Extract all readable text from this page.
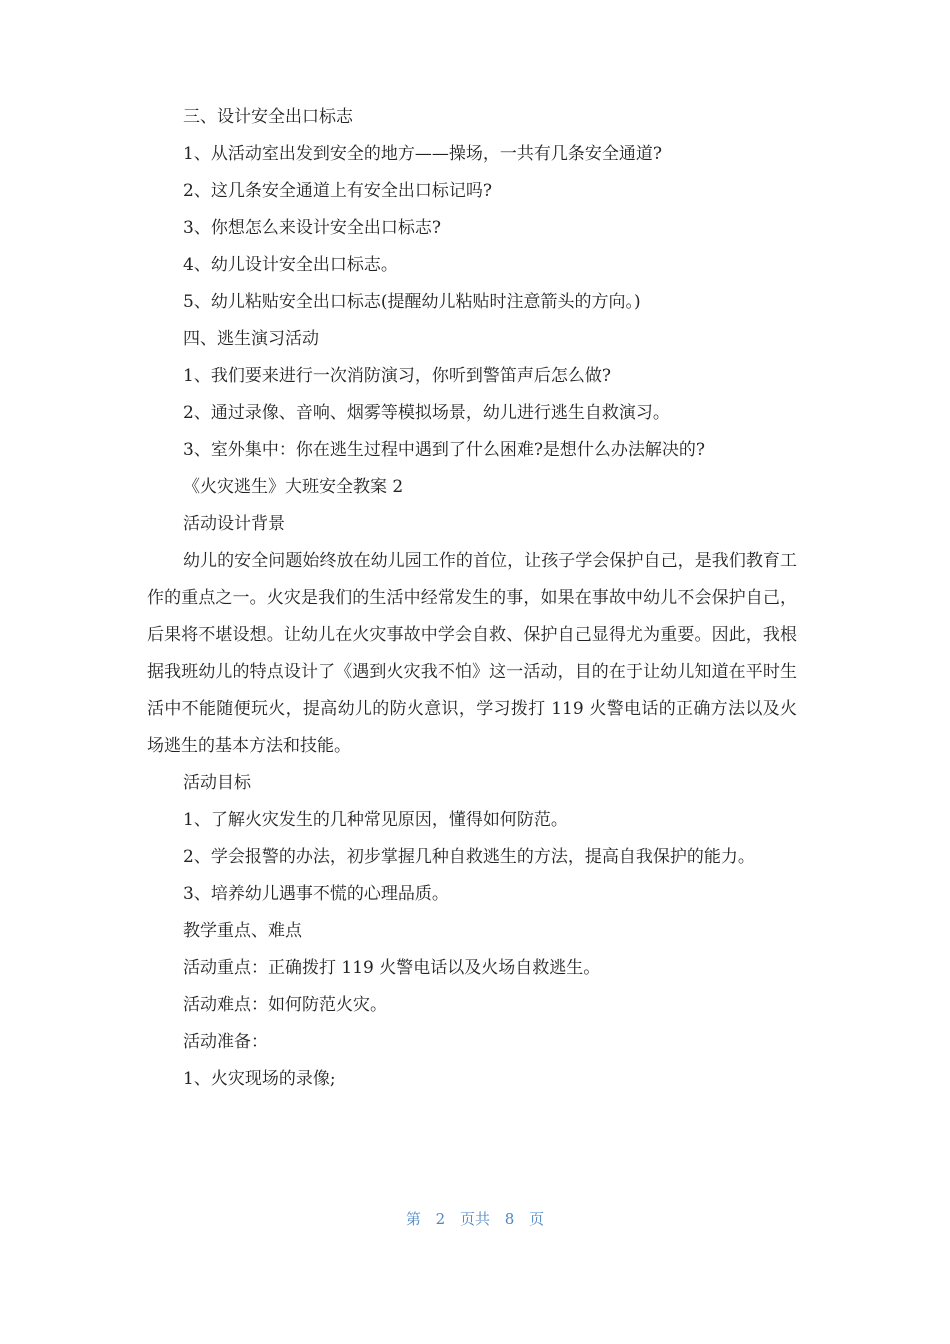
三、设计安全出口标志
1、从活动室出发到安全的地方——操场，一共有几条安全通道?
2、这几条安全通道上有安全出口标记吗?
3、你想怎么来设计安全出口标志?
4、幼儿设计安全出口标志。
5、幼儿粘贴安全出口标志(提醒幼儿粘贴时注意箭头的方向。)
四、逃生演习活动
1、我们要来进行一次消防演习，你听到警笛声后怎么做?
2、通过录像、音响、烟雾等模拟场景，幼儿进行逃生自救演习。
3、室外集中：你在逃生过程中遇到了什么困难?是想什么办法解决的?
《火灾逃生》大班安全教案 2
活动设计背景

幼儿的安全问题始终放在幼儿园工作的首位，让孩子学会保护自己，是我们教育工作的重点之一。火灾是我们的生活中经常发生的事，如果在事故中幼儿不会保护自己，后果将不堪设想。让幼儿在火灾事故中学会自救、保护自己显得尤为重要。因此，我根据我班幼儿的特点设计了《遇到火灾我不怕》这一活动，目的在于让幼儿知道在平时生活中不能随便玩火，提高幼儿的防火意识，学习拨打 119 火警电话的正确方法以及火场逃生的基本方法和技能。

活动目标
1、了解火灾发生的几种常见原因，懂得如何防范。

2、学会报警的办法，初步掌握几种自救逃生的方法，提高自我保护的能力。

3、培养幼儿遇事不慌的心理品质。
教学重点、难点
活动重点：正确拨打 119 火警电话以及火场自救逃生。
活动难点：如何防范火灾。
活动准备：
1、火灾现场的录像;
第 2 页共 8 页
